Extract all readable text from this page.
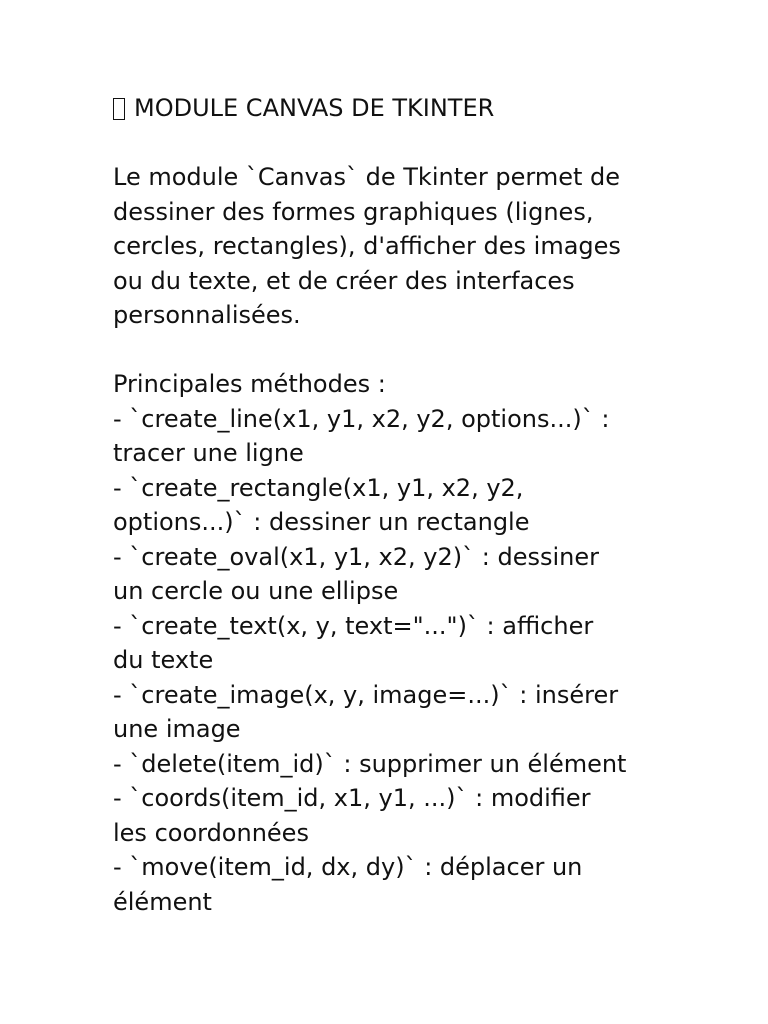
MODULE CANVAS DE TKINTER
Le module `Canvas` de Tkinter permet de
dessiner des formes graphiques (lignes,
cercles, rectangles), d'afficher des images
ou du texte, et de créer des interfaces
personnalisées.
Principales méthodes :
- `create_line(x1, y1, x2, y2, options...)` :
tracer une ligne
- `create_rectangle(x1, y1, x2, y2,
options...)` : dessiner un rectangle
- `create_oval(x1, y1, x2, y2)` : dessiner
un cercle ou une ellipse
- `create_text(x, y, text="...")` : afficher
du texte
- `create_image(x, y, image=...)` : insérer
une image
- `delete(item_id)` : supprimer un élément
- `coords(item_id, x1, y1, ...)` : modifier
les coordonnées
- `move(item_id, dx, dy)` : déplacer un
élément
